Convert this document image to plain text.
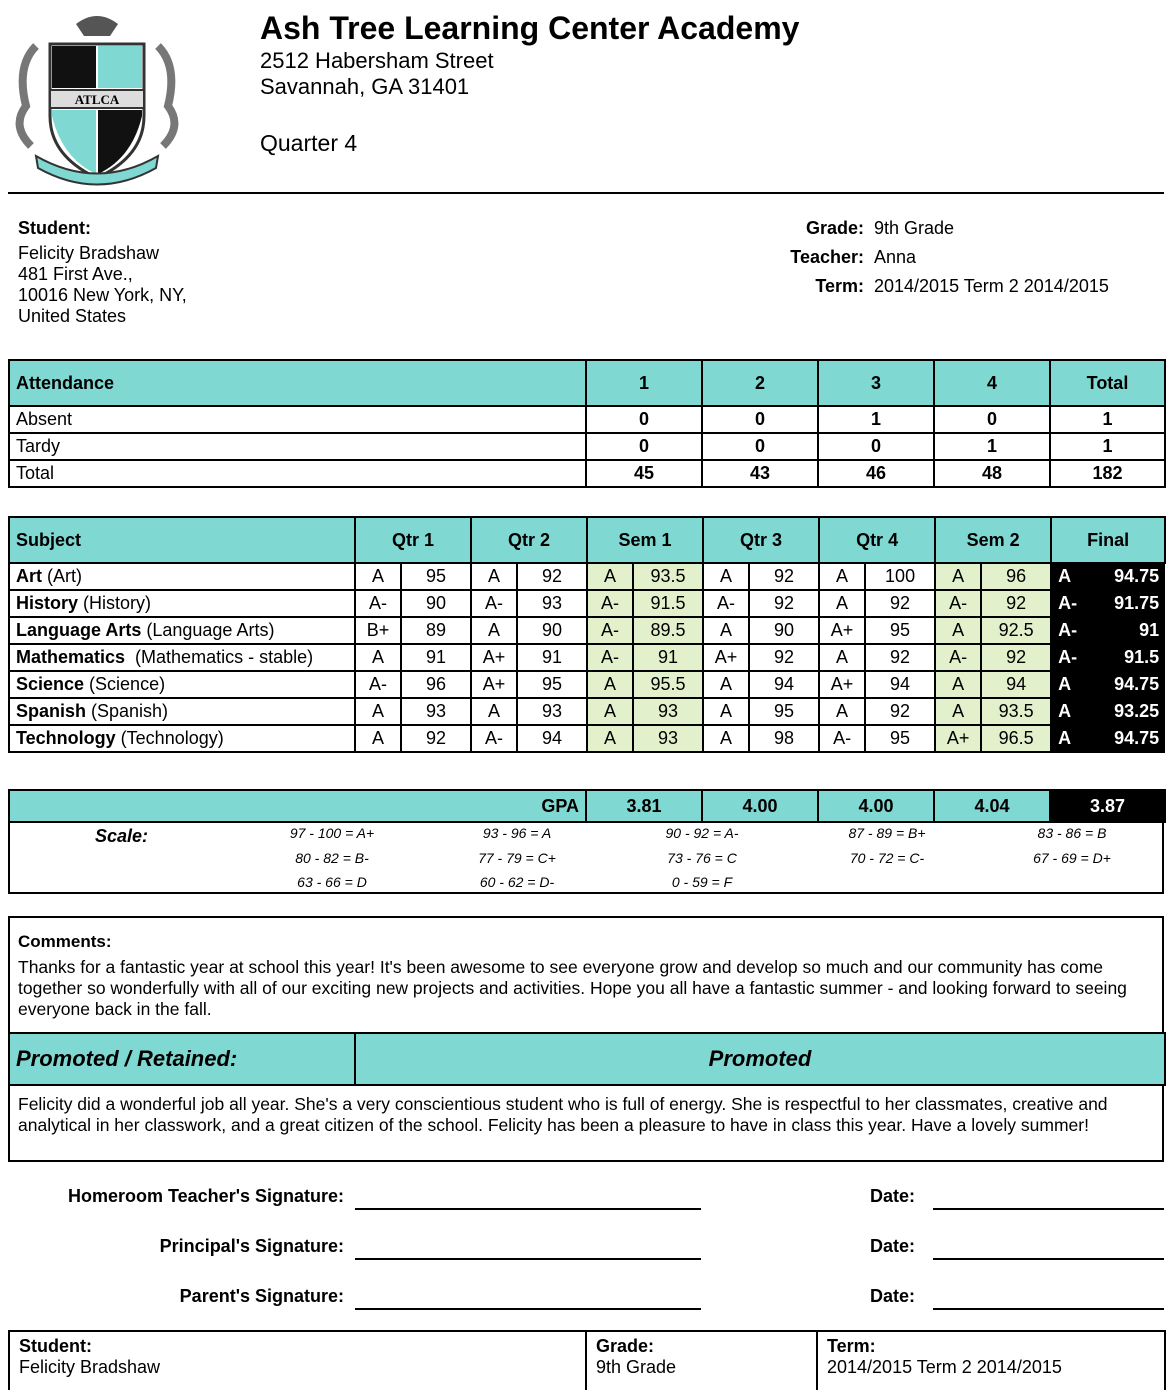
ATLCA
Ash Tree Learning Center Academy
2512 Habersham Street
Savannah, GA 31401
Quarter 4
Student:
Felicity Bradshaw
481 First Ave.,
10016 New York, NY,
United States
Grade: 9th Grade
Teacher: Anna
Term: 2014/2015 Term 2 2014/2015
Attendance	1	2	3	4	Total
Absent	0	0	1	0	1
Tardy	0	0	0	1	1
Total	45	43	46	48	182
Subject	Qtr 1		Qtr 2		Sem 1		Qtr 3		Qtr 4		Sem 2		Final	
Art (Art)	A	95	A	92	A	93.5	A	92	A	100	A	96	A	94.75
History (History)	A-	90	A-	93	A-	91.5	A-	92	A	92	A-	92	A-	91.75
Language Arts (Language Arts)	B+	89	A	90	A-	89.5	A	90	A+	95	A	92.5	A-	91
Mathematics  (Mathematics - stable)	A	91	A+	91	A-	91	A+	92	A	92	A-	92	A-	91.5
Science (Science)	A-	96	A+	95	A	95.5	A	94	A+	94	A	94	A	94.75
Spanish (Spanish)	A	93	A	93	A	93	A	95	A	92	A	93.5	A	93.25
Technology (Technology)	A	92	A-	94	A	93	A	98	A-	95	A+	96.5	A	94.75
GPA	3.81	4.00	4.00	4.04	3.87
Scale:	97 - 100 = A+	93 - 96 = A	90 - 92 = A-	87 - 89 = B+	83 - 86 = B
80 - 82 = B-	77 - 79 = C+	73 - 76 = C	70 - 72 = C-	67 - 69 = D+
63 - 66 = D	60 - 62 = D-	0 - 59 = F
Comments:
Thanks for a fantastic year at school this year! It's been awesome to see everyone grow and develop so much and our community has come together so wonderfully with all of our exciting new projects and activities. Hope you all have a fantastic summer - and looking forward to seeing everyone back in the fall.
Promoted / Retained:	Promoted
Felicity did a wonderful job all year. She's a very conscientious student who is full of energy. She is respectful to her classmates, creative and analytical in her classwork, and a great citizen of the school. Felicity has been a pleasure to have in class this year. Have a lovely summer!
Homeroom Teacher's Signature:	Date:
Principal's Signature:	Date:
Parent's Signature:	Date:
Student:
Felicity Bradshaw

Grade:
9th Grade

Term:
2014/2015 Term 2 2014/2015
